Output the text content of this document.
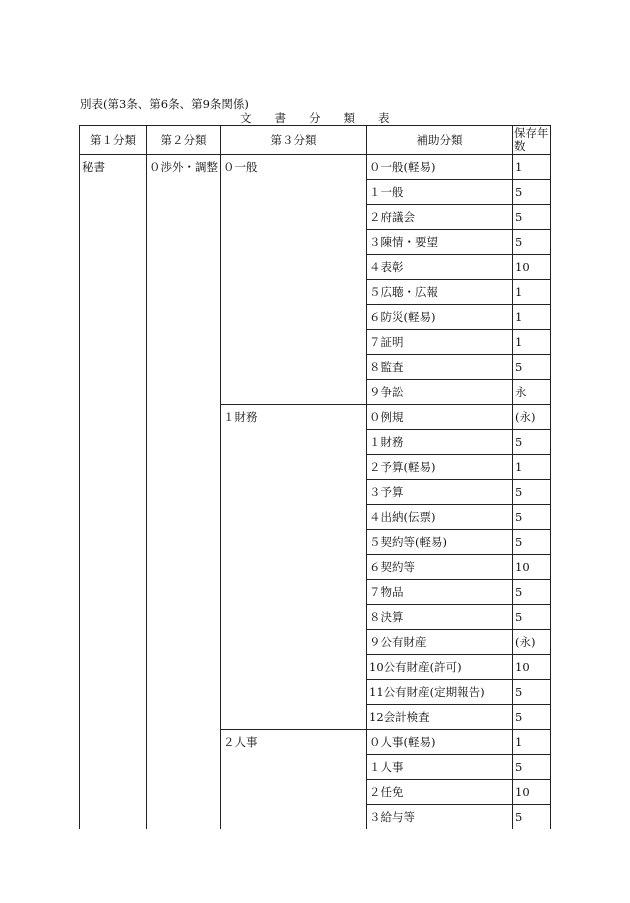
別表(第3条、第6条、第9条関係)
文 書 分 類 表
第１分類	第２分類	第３分類	補助分類	保存年数
秘書	０渉外・調整	０一般	０一般(軽易)	1
			１一般	5
			２府議会	5
			３陳情・要望	5
			４表彰	10
			５広聴・広報	1
			６防災(軽易)	1
			７証明	1
			８監査	5
			９争訟	永
		１財務	０例規	(永)
			１財務	5
			２予算(軽易)	1
			３予算	5
			４出納(伝票)	5
			５契約等(軽易)	5
			６契約等	10
			７物品	5
			８決算	5
			９公有財産	(永)
			10公有財産(許可)	10
			11公有財産(定期報告)	5
			12会計検査	5
		２人事	０人事(軽易)	1
			１人事	5
			２任免	10
			３給与等	5
